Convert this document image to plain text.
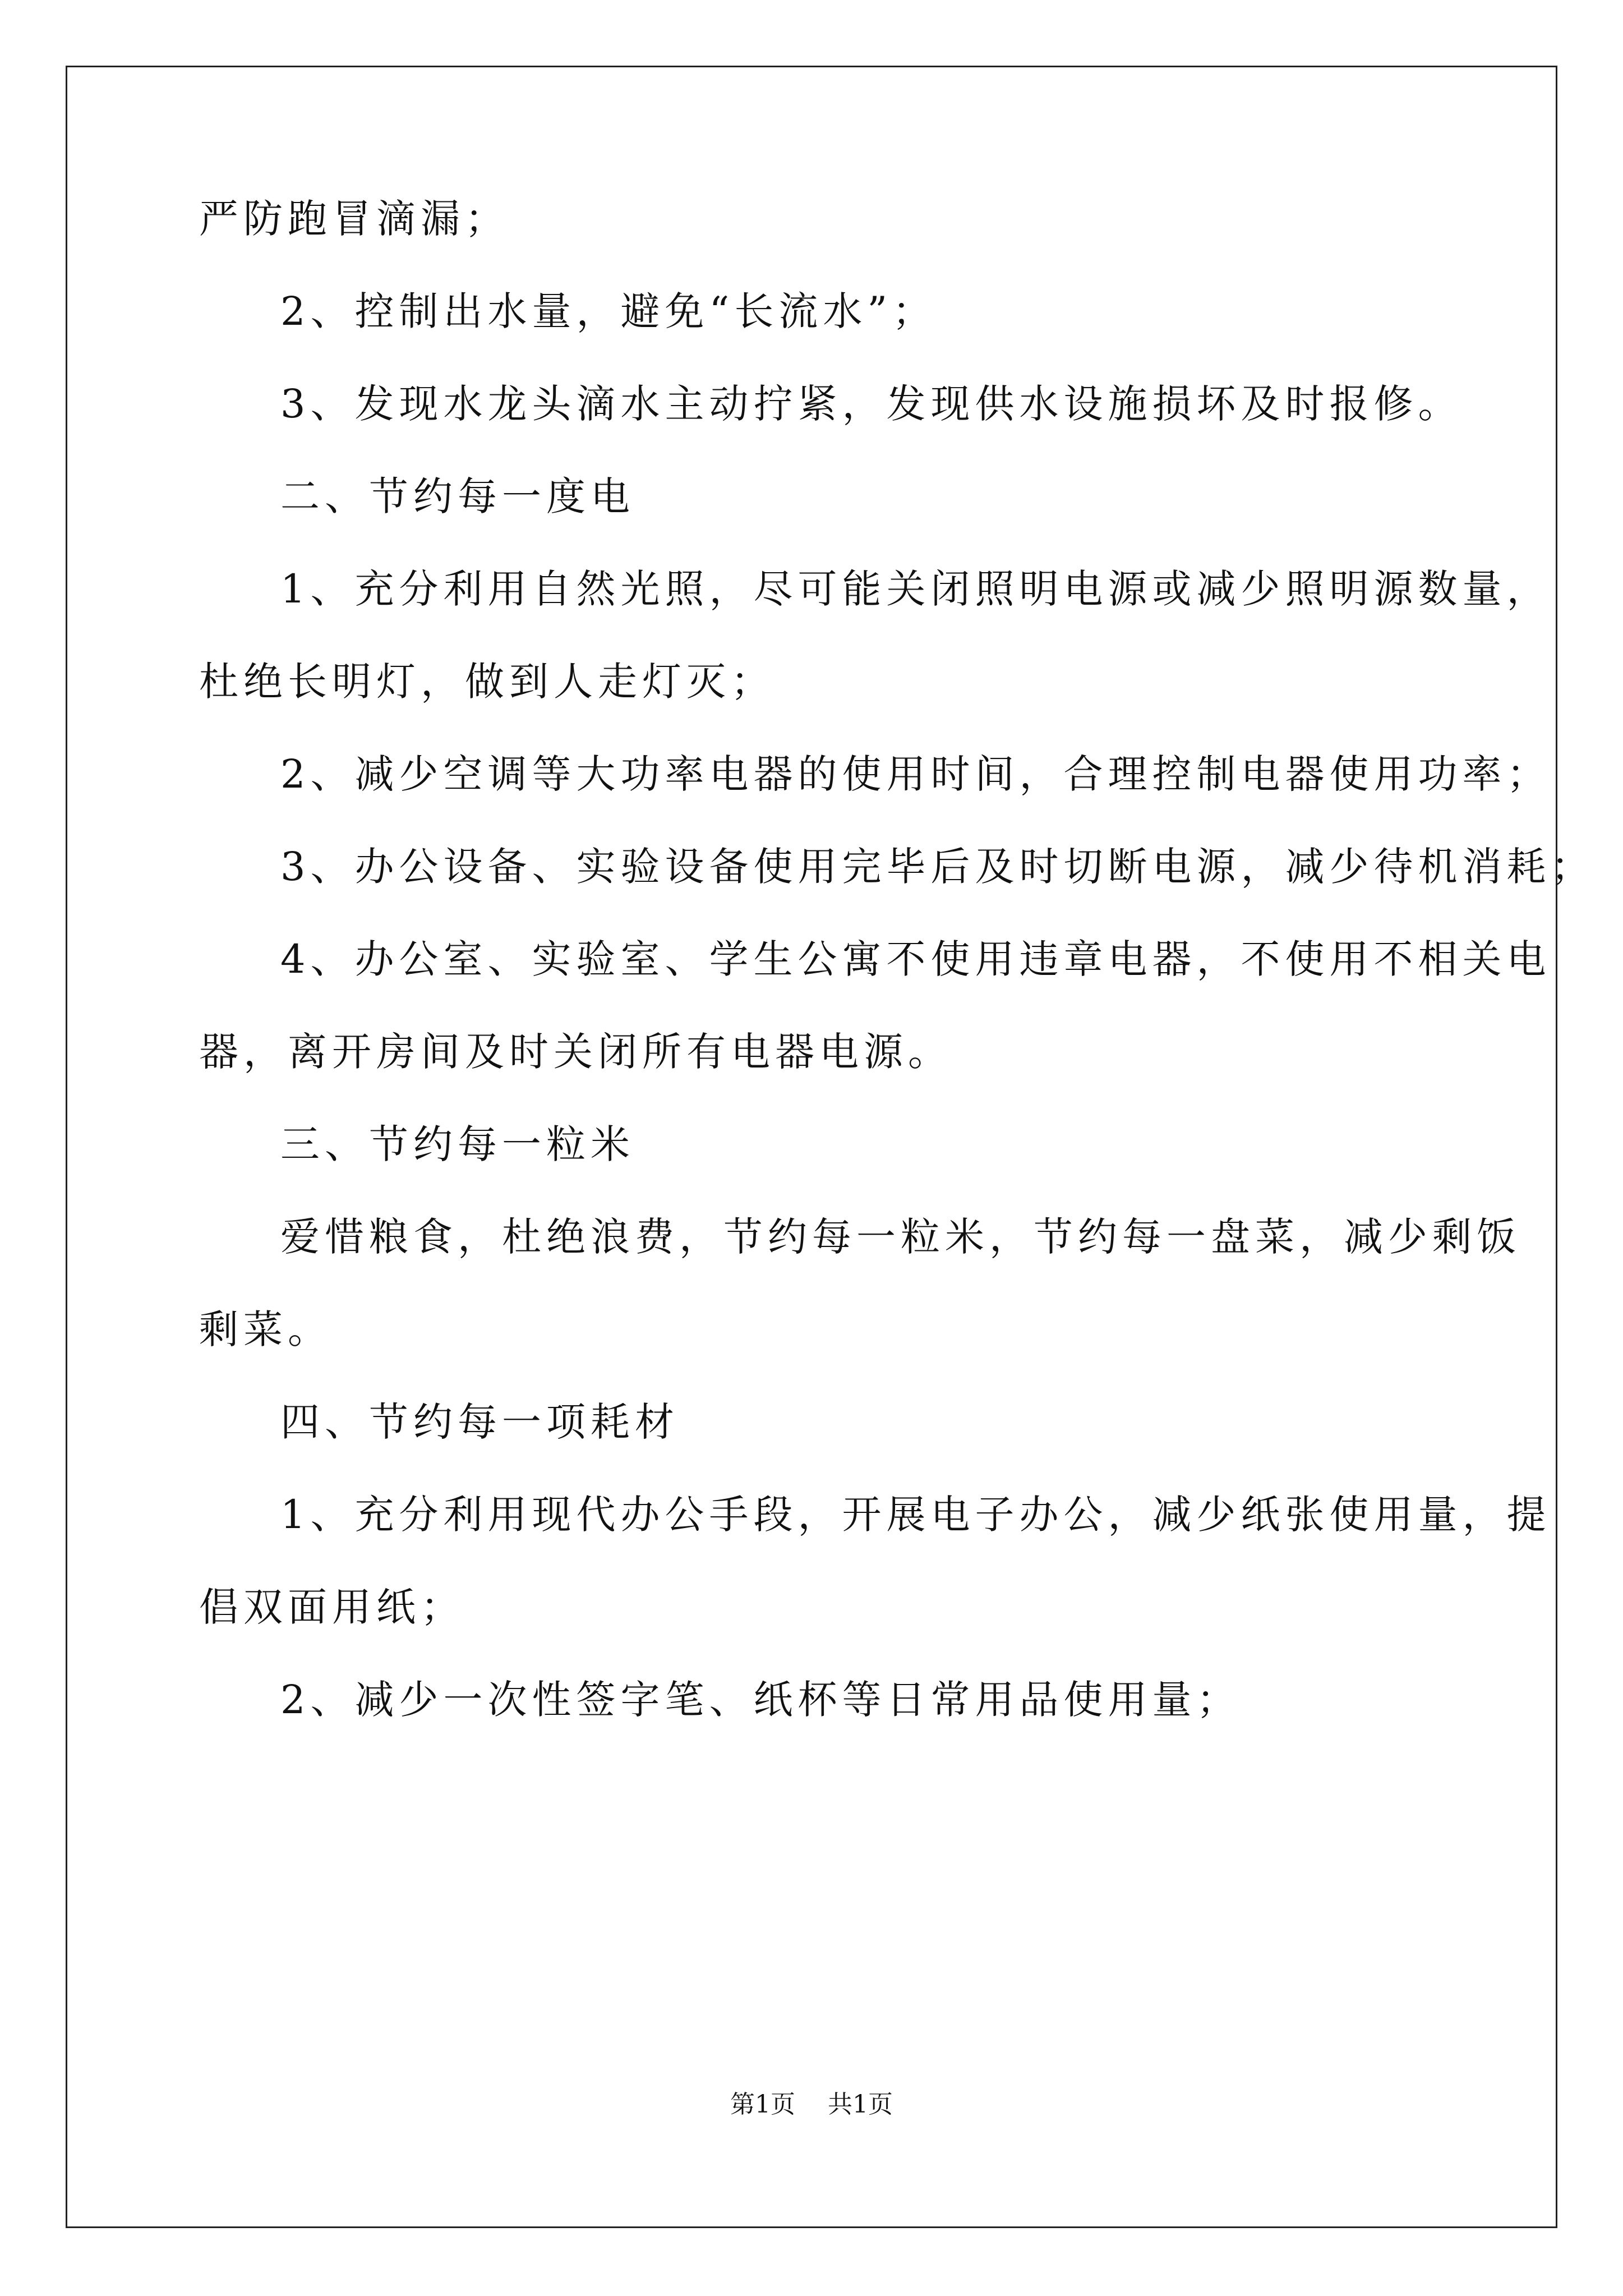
严防跑冒滴漏；
2、控制出水量，避免“长流水”；
3、发现水龙头滴水主动拧紧，发现供水设施损坏及时报修。
二、节约每一度电
1、充分利用自然光照，尽可能关闭照明电源或减少照明源数量，
杜绝长明灯，做到人走灯灭；
2、减少空调等大功率电器的使用时间，合理控制电器使用功率；
3、办公设备、实验设备使用完毕后及时切断电源，减少待机消耗；
4、办公室、实验室、学生公寓不使用违章电器，不使用不相关电
器，离开房间及时关闭所有电器电源。
三、节约每一粒米
爱惜粮食，杜绝浪费，节约每一粒米，节约每一盘菜，减少剩饭
剩菜。
四、节约每一项耗材
1、充分利用现代办公手段，开展电子办公，减少纸张使用量，提
倡双面用纸；
2、减少一次性签字笔、纸杯等日常用品使用量；
第1页 共1页
